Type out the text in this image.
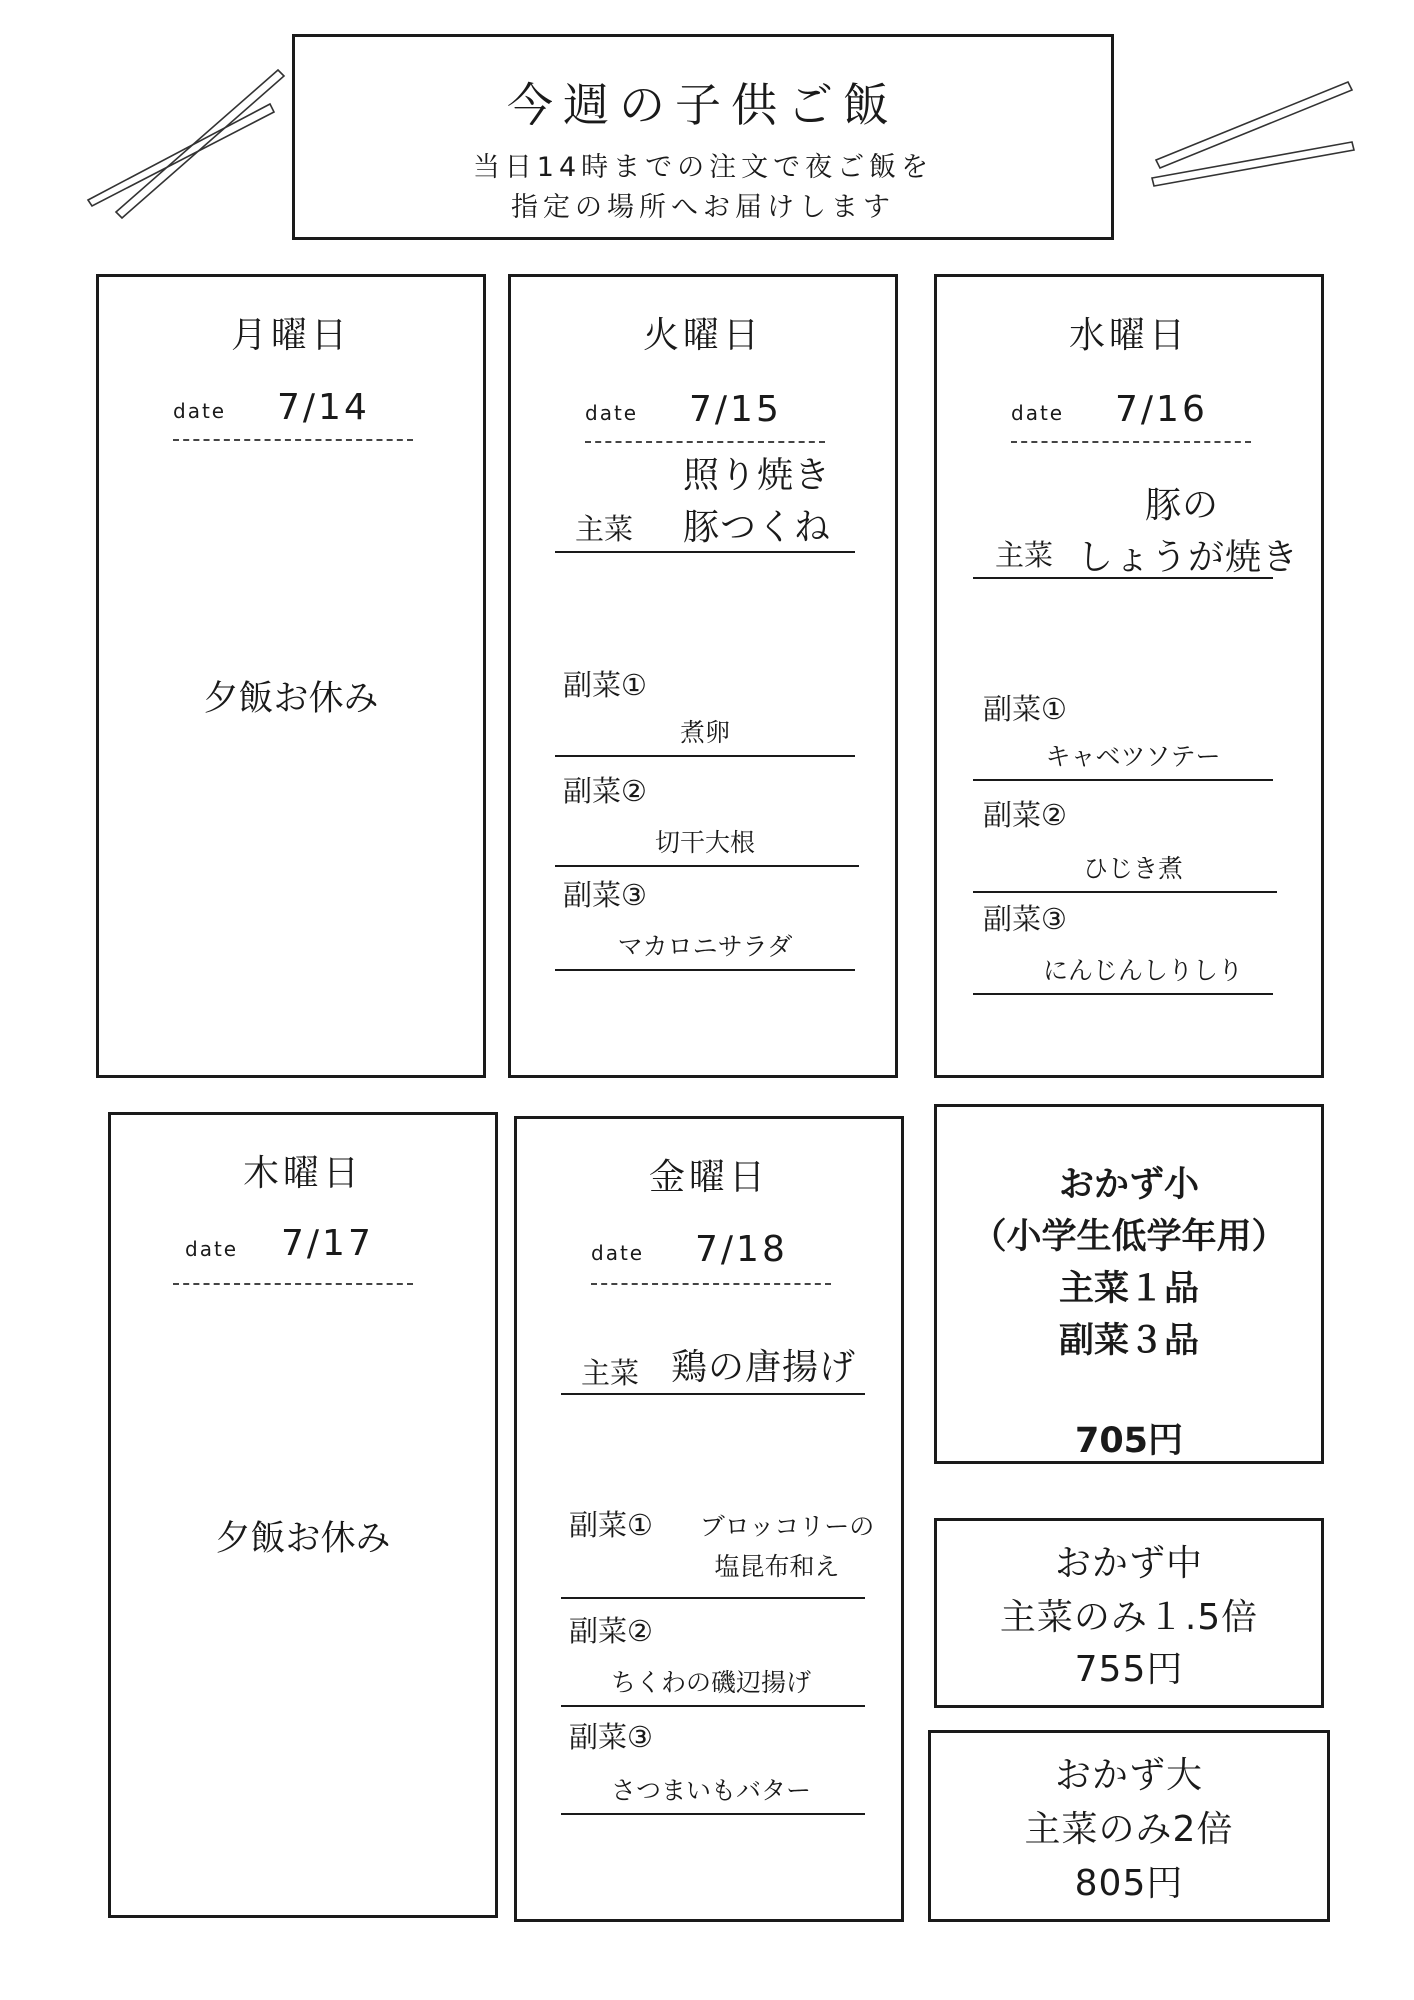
今週の子供ご飯
当日14時までの注文で夜ご飯を
指定の場所へお届けします
月曜日
date 7/14
夕飯お休み
火曜日
date 7/15
照り焼き
主菜 豚つくね
副菜①
煮卵
副菜②
切干大根
副菜③
マカロニサラダ
水曜日
date 7/16
豚の
主菜 しょうが焼き
副菜①
キャベツソテー
副菜②
ひじき煮
副菜③
にんじんしりしり
木曜日
date 7/17
夕飯お休み
金曜日
date 7/18
主菜 鶏の唐揚げ
副菜①	ブロッコリーの
塩昆布和え
副菜②
ちくわの磯辺揚げ
副菜③
さつまいもバター
おかず小
（小学生低学年用）
主菜１品
副菜３品
705円
おかず中
主菜のみ１.5倍
755円
おかず大
主菜のみ2倍
805円
